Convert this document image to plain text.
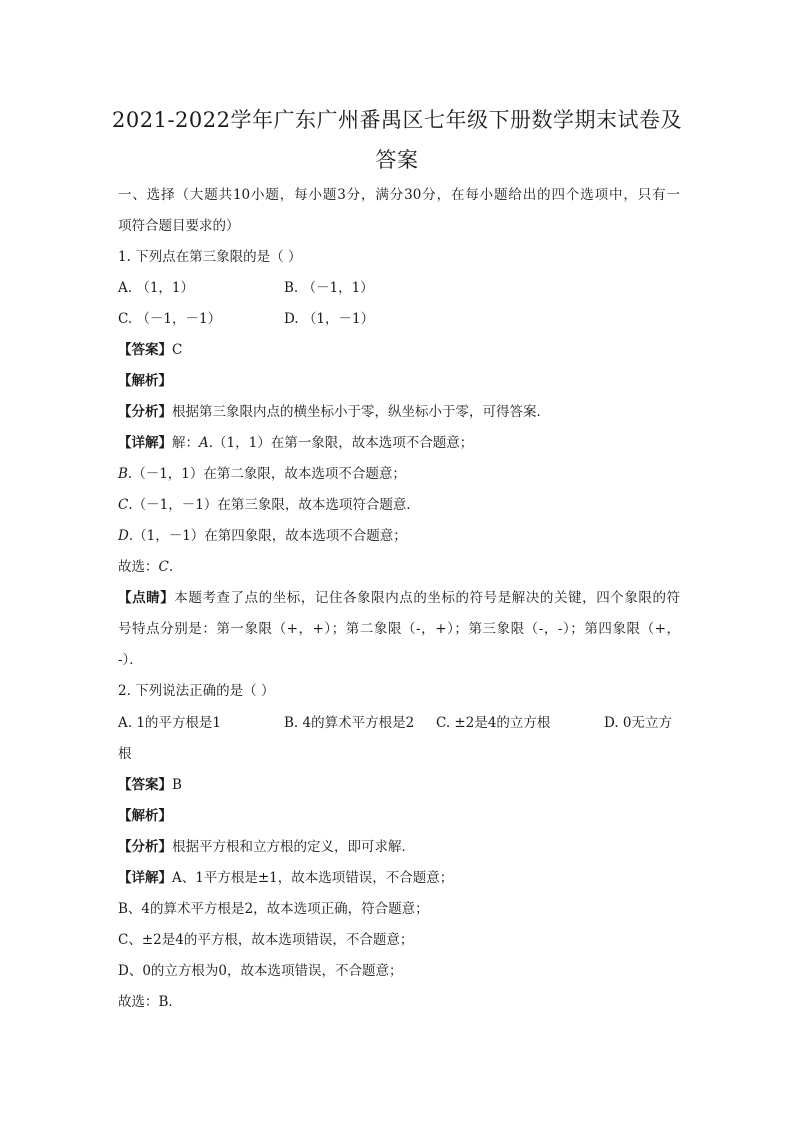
2021-2022学年广东广州番禺区七年级下册数学期末试卷及
答案
一、选择（大题共10小题，每小题3分，满分30分，在每小题给出的四个选项中，只有一
项符合题目要求的）
1. 下列点在第三象限的是（ ）
A. （1，1）	B. （－1，1）
C. （－1，－1）	D. （1，－1）
【答案】C
【解析】
【分析】根据第三象限内点的横坐标小于零，纵坐标小于零，可得答案．
【详解】解：A.（1，1）在第一象限，故本选项不合题意；
B.（－1，1）在第二象限，故本选项不合题意；
C.（－1，－1）在第三象限，故本选项符合题意．
D.（1，－1）在第四象限，故本选项不合题意；
故选：C.
【点睛】本题考查了点的坐标，记住各象限内点的坐标的符号是解决的关键，四个象限的符
号特点分别是：第一象限（+，+）；第二象限（-，+）；第三象限（-，-）；第四象限（+，
-）．
2. 下列说法正确的是（ ）
A. 1的平方根是1	B. 4的算术平方根是2 C. ±2是4的立方根	D. 0无立方
根
【答案】B
【解析】
【分析】根据平方根和立方根的定义，即可求解．
【详解】A、1平方根是±1，故本选项错误，不合题意；
B、4的算术平方根是2，故本选项正确，符合题意；
C、±2是4的平方根，故本选项错误，不合题意；
D、0的立方根为0，故本选项错误，不合题意；
故选：B．
